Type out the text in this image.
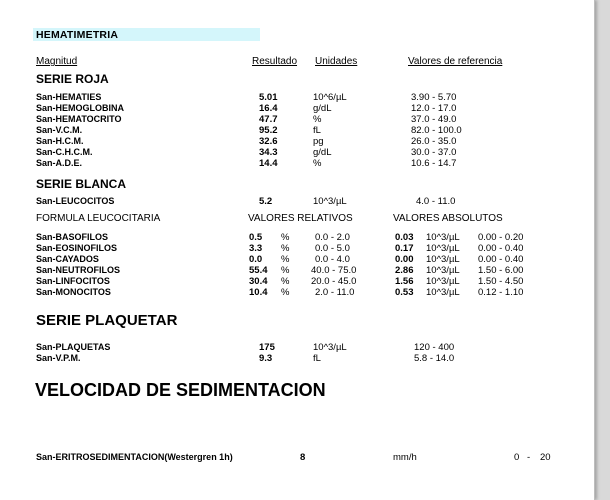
HEMATIMETRIA
Magnitud	Resultado Unidades	Valores de referencia
SERIE ROJA
San-HEMATIES	5.01	10^6/µL	3.90 - 5.70
San-HEMOGLOBINA	16.4	g/dL	12.0 - 17.0
San-HEMATOCRITO	47.7	%	37.0 - 49.0
San-V.C.M.	95.2	fL	82.0 - 100.0
San-H.C.M.	32.6	pg	26.0 - 35.0
San-C.H.C.M.	34.3	g/dL	30.0 - 37.0
San-A.D.E.	14.4	%	10.6 - 14.7
SERIE BLANCA
San-LEUCOCITOS	5.2	10^3/µL	4.0 - 11.0
FORMULA LEUCOCITARIA	VALORES RELATIVOS	VALORES ABSOLUTOS
San-BASOFILOS	0.5 %	0.0 - 2.0	0.03 10^3/µL 0.00 - 0.20
San-EOSINOFILOS	3.3 %	0.0 - 5.0	0.17 10^3/µL 0.00 - 0.40
San-CAYADOS	0.0 %	0.0 - 4.0	0.00 10^3/µL 0.00 - 0.40
San-NEUTROFILOS	55.4 % 40.0 - 75.0	2.86 10^3/µL 1.50 - 6.00
San-LINFOCITOS	30.4 % 20.0 - 45.0	1.56 10^3/µL 1.50 - 4.50
San-MONOCITOS	10.4 %	2.0 - 11.0	0.53 10^3/µL 0.12 - 1.10
SERIE PLAQUETAR
San-PLAQUETAS	175	10^3/µL	120 - 400
San-V.P.M.	9.3	fL	5.8 - 14.0
VELOCIDAD DE SEDIMENTACION
San-ERITROSEDIMENTACION(Westergren 1h)	8	mm/h	0 - 20
